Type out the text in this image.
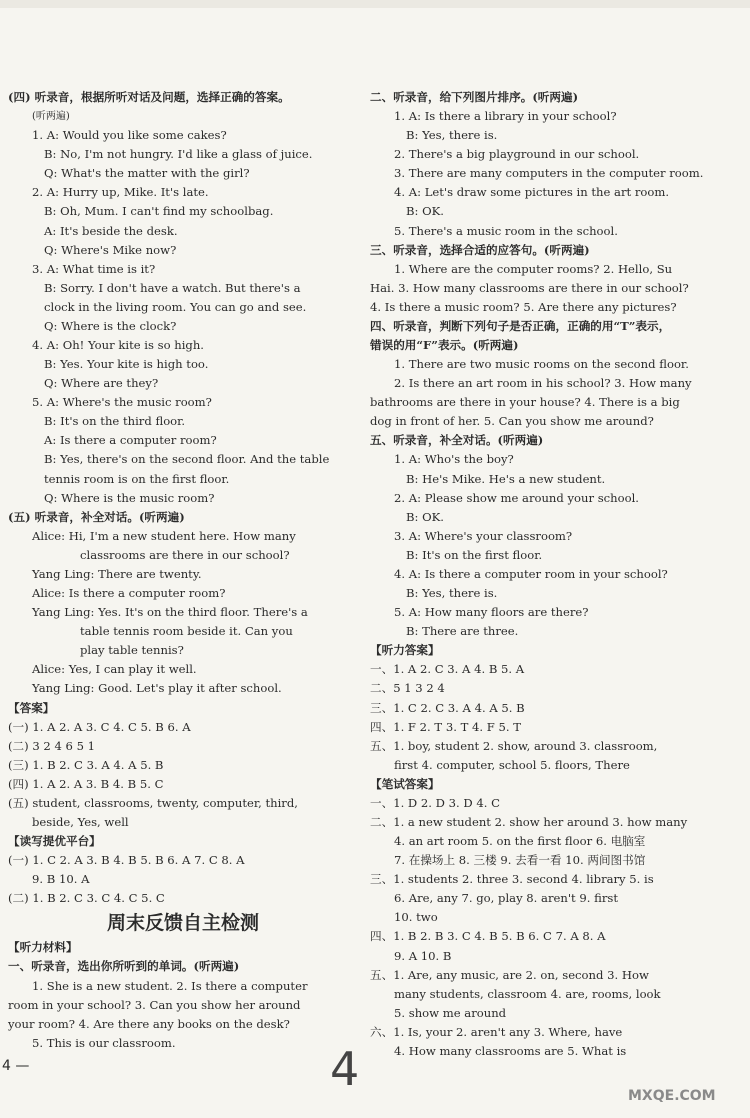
(四) 听录音，根据所听对话及问题，选择正确的答案。
(听两遍)
1. A: Would you like some cakes?
B: No, I'm not hungry. I'd like a glass of juice.
Q: What's the matter with the girl?
2. A: Hurry up, Mike. It's late.
B: Oh, Mum. I can't find my schoolbag.
A: It's beside the desk.
Q: Where's Mike now?
3. A: What time is it?
B: Sorry. I don't have a watch. But there's a
clock in the living room. You can go and see.
Q: Where is the clock?
4. A: Oh! Your kite is so high.
B: Yes. Your kite is high too.
Q: Where are they?
5. A: Where's the music room?
B: It's on the third floor.
A: Is there a computer room?
B: Yes, there's on the second floor. And the table
tennis room is on the first floor.
Q: Where is the music room?
(五) 听录音，补全对话。(听两遍)
Alice: Hi, I'm a new student here. How many
classrooms are there in our school?
Yang Ling: There are twenty.
Alice: Is there a computer room?
Yang Ling: Yes. It's on the third floor. There's a
table tennis room beside it. Can you
play table tennis?
Alice: Yes, I can play it well.
Yang Ling: Good. Let's play it after school.
【答案】
(一) 1. A 2. A 3. C 4. C 5. B 6. A
(二) 3 2 4 6 5 1
(三) 1. B 2. C 3. A 4. A 5. B
(四) 1. A 2. A 3. B 4. B 5. C
(五) student, classrooms, twenty, computer, third,
beside, Yes, well
【读写提优平台】
(一) 1. C 2. A 3. B 4. B 5. B 6. A 7. C 8. A
9. B 10. A
(二) 1. B 2. C 3. C 4. C 5. C
周末反馈自主检测
【听力材料】
一、听录音，选出你所听到的单词。(听两遍)
1. She is a new student. 2. Is there a computer
room in your school? 3. Can you show her around
your room? 4. Are there any books on the desk?
5. This is our classroom.
二、听录音，给下列图片排序。(听两遍)
1. A: Is there a library in your school?
B: Yes, there is.
2. There's a big playground in our school.
3. There are many computers in the computer room.
4. A: Let's draw some pictures in the art room.
B: OK.
5. There's a music room in the school.
三、听录音，选择合适的应答句。(听两遍)
1. Where are the computer rooms? 2. Hello, Su
Hai. 3. How many classrooms are there in our school?
4. Is there a music room? 5. Are there any pictures?
四、听录音，判断下列句子是否正确，正确的用“T”表示，
错误的用“F”表示。(听两遍)
1. There are two music rooms on the second floor.
2. Is there an art room in his school? 3. How many
bathrooms are there in your house? 4. There is a big
dog in front of her. 5. Can you show me around?
五、听录音，补全对话。(听两遍)
1. A: Who's the boy?
B: He's Mike. He's a new student.
2. A: Please show me around your school.
B: OK.
3. A: Where's your classroom?
B: It's on the first floor.
4. A: Is there a computer room in your school?
B: Yes, there is.
5. A: How many floors are there?
B: There are three.
【听力答案】
一、1. A 2. C 3. A 4. B 5. A
二、5 1 3 2 4
三、1. C 2. C 3. A 4. A 5. B
四、1. F 2. T 3. T 4. F 5. T
五、1. boy, student 2. show, around 3. classroom,
first 4. computer, school 5. floors, There
【笔试答案】
一、1. D 2. D 3. D 4. C
二、1. a new student 2. show her around 3. how many
4. an art room 5. on the first floor 6. 电脑室
7. 在操场上 8. 三楼 9. 去看一看 10. 两间图书馆
三、1. students 2. three 3. second 4. library 5. is
6. Are, any 7. go, play 8. aren't 9. first
10. two
四、1. B 2. B 3. C 4. B 5. B 6. C 7. A 8. A
9. A 10. B
五、1. Are, any music, are 2. on, second 3. How
many students, classroom 4. are, rooms, look
5. show me around
六、1. Is, your 2. aren't any 3. Where, have
4. How many classrooms are 5. What is
4 —	4	MXQE.COM
